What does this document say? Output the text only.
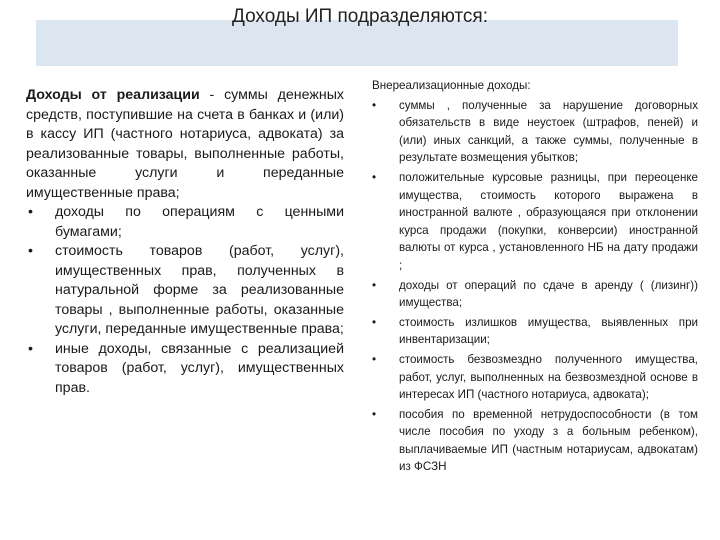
Доходы ИП подразделяются:

Доходы от реализации - суммы денежных средств, поступившие на счета в банках и (или) в кассу ИП (частного нотариуса, адвоката) за реализованные товары, выполненные работы, оказанные услуги и переданные имущественные права;

• доходы по операциям с ценными бумагами;
• стоимость товаров (работ, услуг), имущественных прав, полученных в натуральной форме за реализованные товары , выполненные работы, оказанные услуги, переданные имущественные права;
• иные доходы, связанные с реализацией товаров (работ, услуг), имущественных прав.

Внереализационные доходы:

• суммы , полученные за нарушение договорных обязательств в виде неустоек (штрафов, пеней) и (или) иных санкций, а также суммы, полученные в результате возмещения убытков;
• положительные курсовые разницы, при переоценке имущества, стоимость которого выражена в иностранной валюте , образующаяся при отклонении курса продажи (покупки, конверсии) иностранной валюты от курса , установленного НБ на дату продажи ;
• доходы от операций по сдаче в аренду ( (лизинг)) имущества;
• стоимость излишков имущества, выявленных при инвентаризации;
• стоимость безвозмездно полученного имущества, работ, услуг, выполненных на безвозмездной основе в интересах ИП (частного нотариуса, адвоката);
• пособия по временной нетрудоспособности (в том числе пособия по уходу з а больным ребенком), выплачиваемые ИП (частным нотариусам, адвокатам) из ФСЗН
